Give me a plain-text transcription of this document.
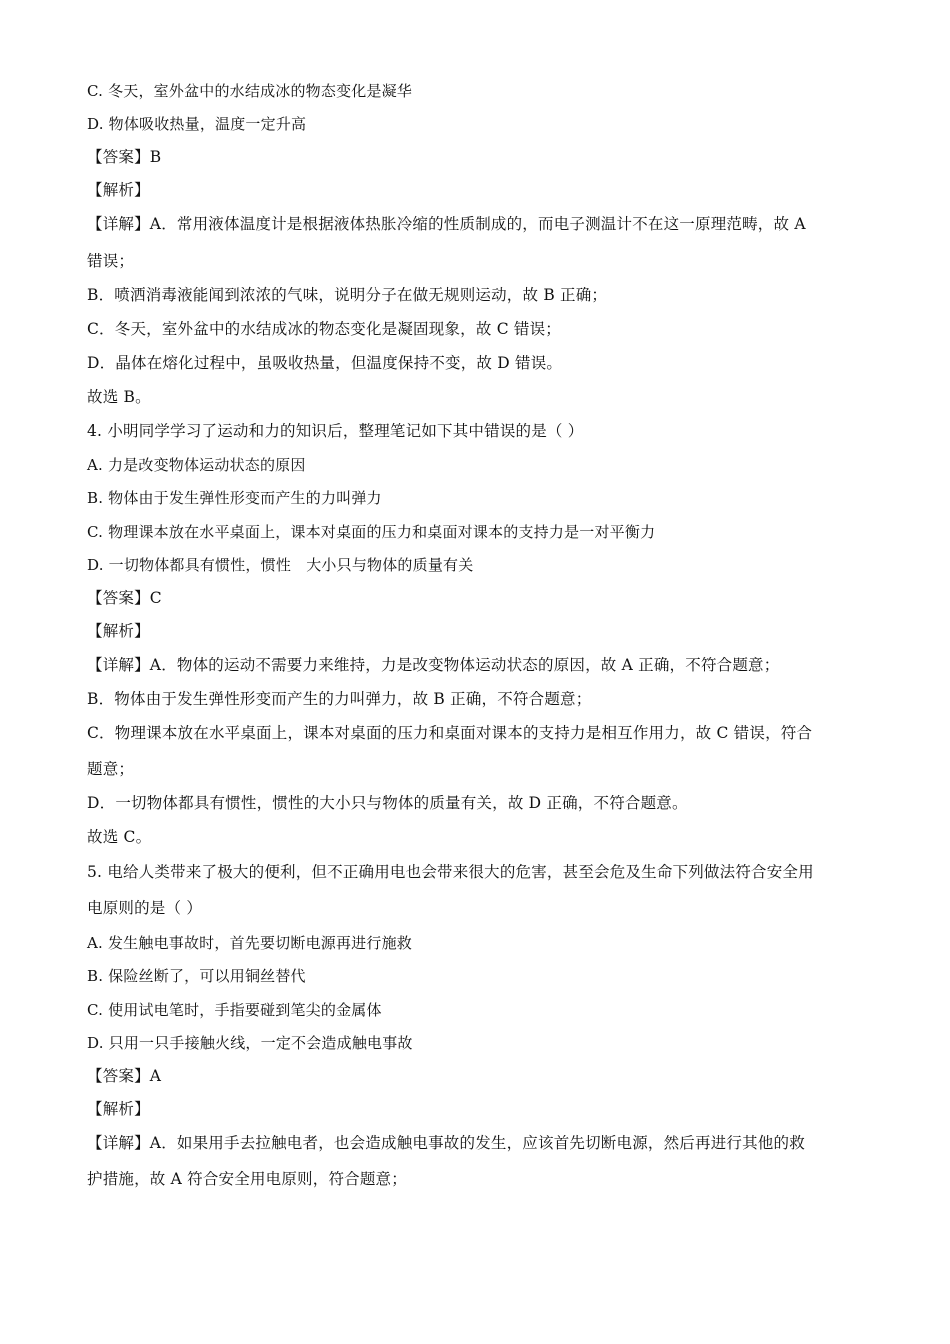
C. 冬天，室外盆中的水结成冰的物态变化是凝华
D. 物体吸收热量，温度一定升高
【答案】B
【解析】
【详解】A．常用液体温度计是根据液体热胀冷缩的性质制成的，而电子测温计不在这一原理范畴，故 A
错误；
B．喷洒消毒液能闻到浓浓的气味，说明分子在做无规则运动，故 B 正确；
C．冬天，室外盆中的水结成冰的物态变化是凝固现象，故 C 错误；
D．晶体在熔化过程中，虽吸收热量，但温度保持不变，故 D 错误。
故选 B。
4. 小明同学学习了运动和力的知识后，整理笔记如下其中错误的是（ ）
A. 力是改变物体运动状态的原因
B. 物体由于发生弹性形变而产生的力叫弹力
C. 物理课本放在水平桌面上，课本对桌面的压力和桌面对课本的支持力是一对平衡力
D. 一切物体都具有惯性，惯性　大小只与物体的质量有关
【答案】C
【解析】
【详解】A．物体的运动不需要力来维持，力是改变物体运动状态的原因，故 A 正确，不符合题意；
B．物体由于发生弹性形变而产生的力叫弹力，故 B 正确，不符合题意；
C．物理课本放在水平桌面上，课本对桌面的压力和桌面对课本的支持力是相互作用力，故 C 错误，符合
题意；
D．一切物体都具有惯性，惯性的大小只与物体的质量有关，故 D 正确，不符合题意。
故选 C。
5. 电给人类带来了极大的便利，但不正确用电也会带来很大的危害，甚至会危及生命下列做法符合安全用
电原则的是（ ）
A. 发生触电事故时，首先要切断电源再进行施救
B. 保险丝断了，可以用铜丝替代
C. 使用试电笔时，手指要碰到笔尖的金属体
D. 只用一只手接触火线，一定不会造成触电事故
【答案】A
【解析】
【详解】A．如果用手去拉触电者，也会造成触电事故的发生，应该首先切断电源，然后再进行其他的救
护措施，故 A 符合安全用电原则，符合题意；
